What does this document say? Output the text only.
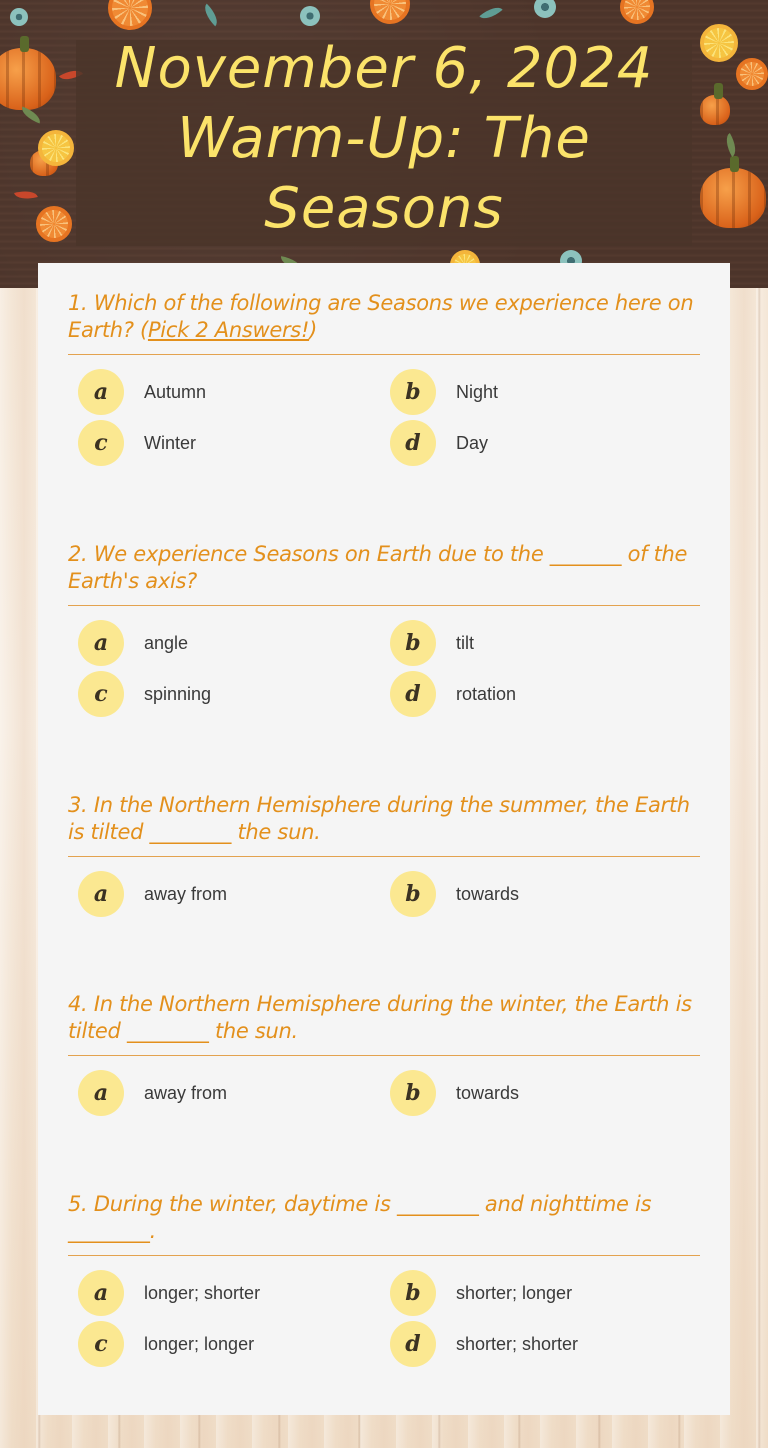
November 6, 2024 Warm-Up: The Seasons
1. Which of the following are Seasons we experience here on Earth? (Pick 2 Answers!)
a	Autumn	b	Night
c	Winter	d	Day
2. We experience Seasons on Earth due to the _______ of the Earth's axis?
a	angle	b	tilt
c	spinning	d	rotation
3. In the Northern Hemisphere during the summer, the Earth is tilted ________ the sun.
a	away from	b	towards
4. In the Northern Hemisphere during the winter, the Earth is tilted ________ the sun.
a	away from	b	towards
5. During the winter, daytime is ________ and nighttime is ________.
a	longer; shorter	b	shorter; longer
c	longer; longer	d	shorter; shorter
